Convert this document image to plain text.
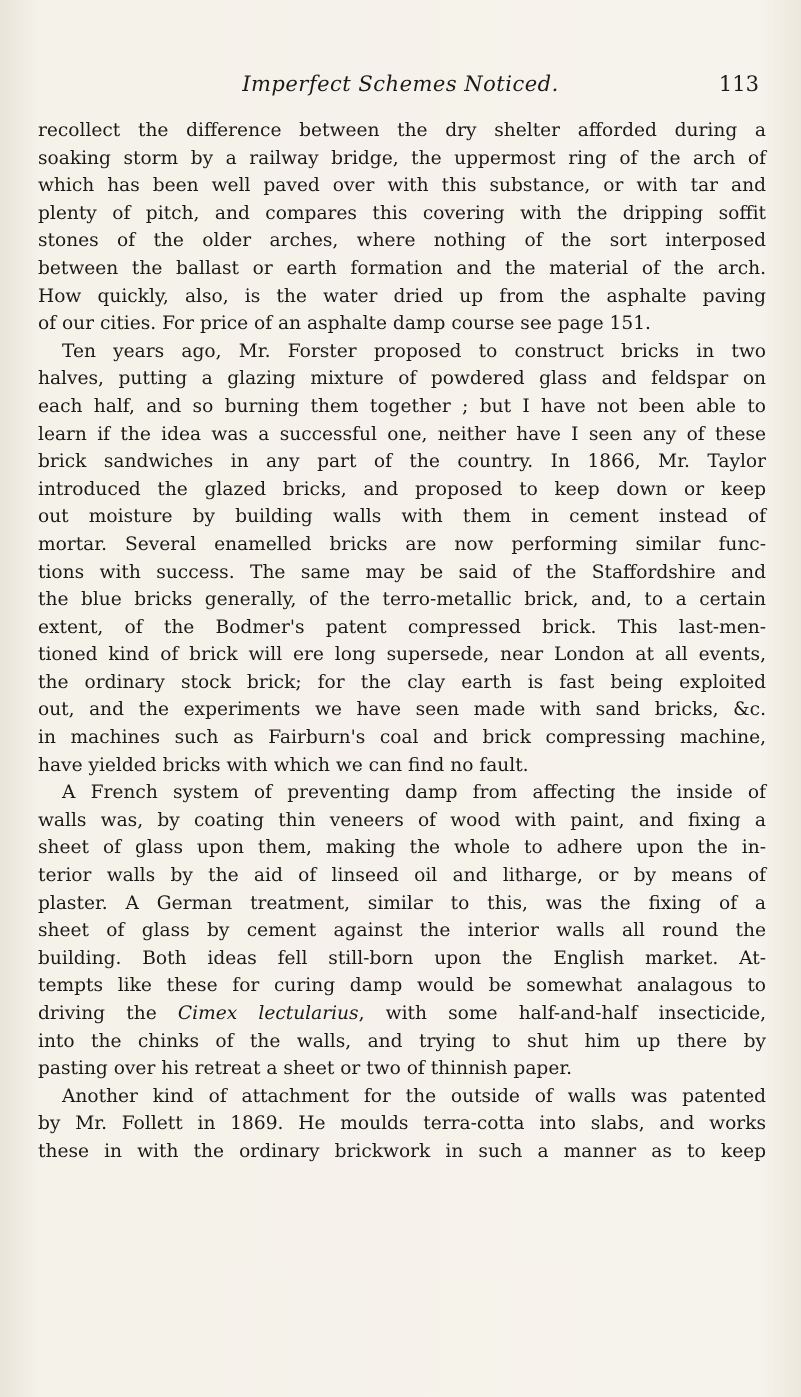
Imperfect Schemes Noticed.	113
recollect the difference between the dry shelter afforded during a
soaking storm by a railway bridge, the uppermost ring of the arch of
which has been well paved over with this substance, or with tar and
plenty of pitch, and compares this covering with the dripping soffit
stones of the older arches, where nothing of the sort interposed
between the ballast or earth formation and the material of the arch.
How quickly, also, is the water dried up from the asphalte paving
of our cities. For price of an asphalte damp course see page 151.
Ten years ago, Mr. Forster proposed to construct bricks in two
halves, putting a glazing mixture of powdered glass and feldspar on
each half, and so burning them together ; but I have not been able to
learn if the idea was a successful one, neither have I seen any of these
brick sandwiches in any part of the country. In 1866, Mr. Taylor
introduced the glazed bricks, and proposed to keep down or keep
out moisture by building walls with them in cement instead of
mortar. Several enamelled bricks are now performing similar func-
tions with success. The same may be said of the Staffordshire and
the blue bricks generally, of the terro-metallic brick, and, to a certain
extent, of the Bodmer's patent compressed brick. This last-men-
tioned kind of brick will ere long supersede, near London at all events,
the ordinary stock brick; for the clay earth is fast being exploited
out, and the experiments we have seen made with sand bricks, &c.
in machines such as Fairburn's coal and brick compressing machine,
have yielded bricks with which we can find no fault.
A French system of preventing damp from affecting the inside of
walls was, by coating thin veneers of wood with paint, and fixing a
sheet of glass upon them, making the whole to adhere upon the in-
terior walls by the aid of linseed oil and litharge, or by means of
plaster. A German treatment, similar to this, was the fixing of a
sheet of glass by cement against the interior walls all round the
building. Both ideas fell still-born upon the English market. At-
tempts like these for curing damp would be somewhat analagous to
driving the Cimex lectularius, with some half-and-half insecticide,
into the chinks of the walls, and trying to shut him up there by
pasting over his retreat a sheet or two of thinnish paper.
Another kind of attachment for the outside of walls was patented
by Mr. Follett in 1869. He moulds terra-cotta into slabs, and works
these in with the ordinary brickwork in such a manner as to keep
